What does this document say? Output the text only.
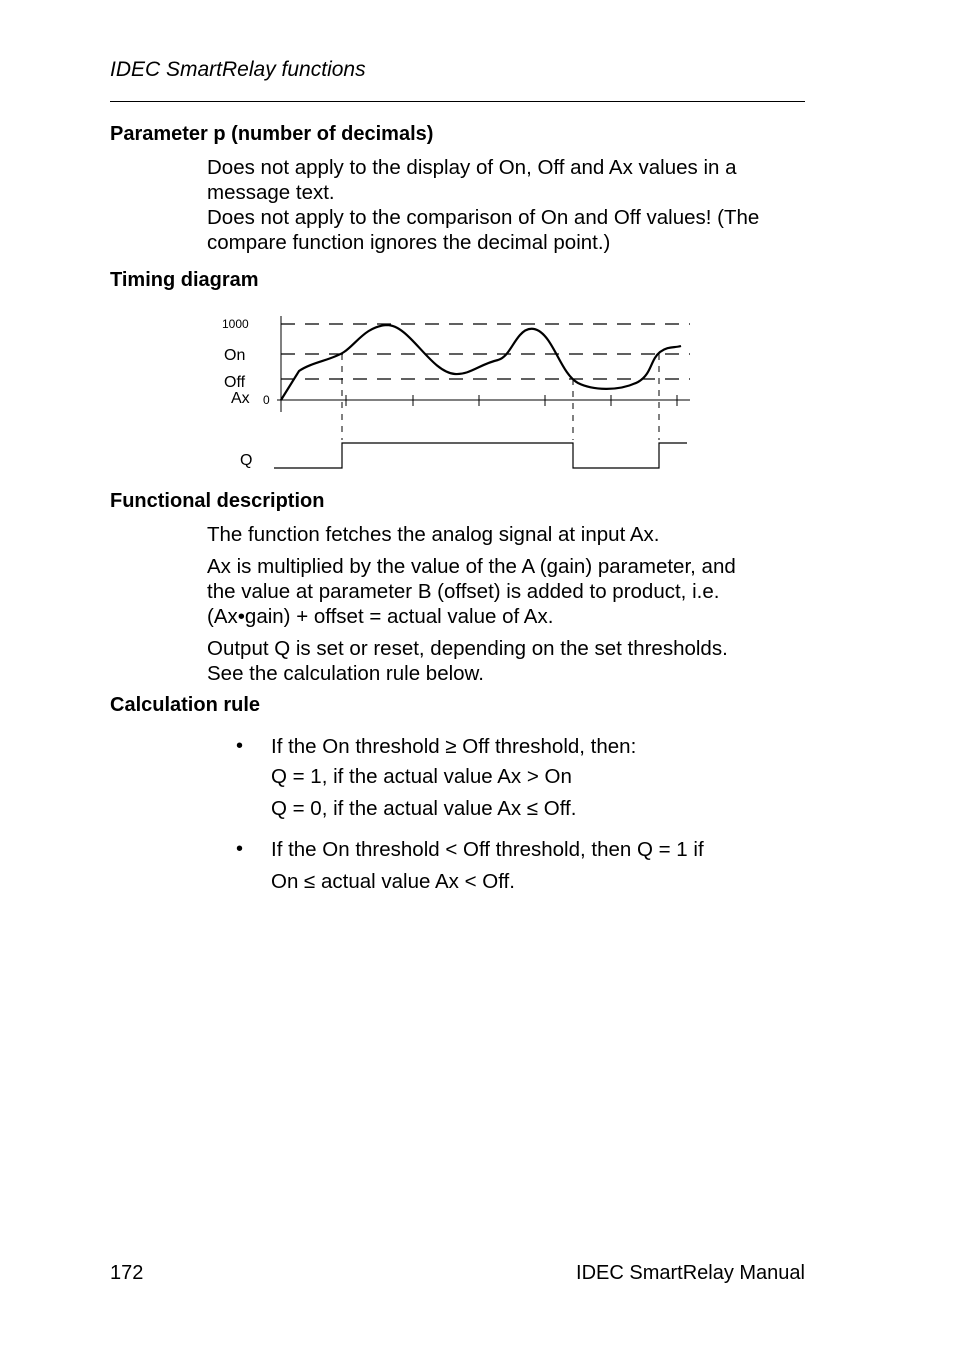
IDEC SmartRelay functions
Parameter p (number of decimals)
Does not apply to the display of On, Off and Ax values in a
message text.
Does not apply to the comparison of On and Off values! (The
compare function ignores the decimal point.)
Timing diagram
1000
On
Off
Ax 0
Q
Functional description
The function fetches the analog signal at input Ax.
Ax is multiplied by the value of the A (gain) parameter, and
the value at parameter B (offset) is added to product, i.e.
(Ax•gain) + offset = actual value of Ax.
Output Q is set or reset, depending on the set thresholds.
See the calculation rule below.
Calculation rule
• If the On threshold ≥ Off threshold, then:
Q = 1, if the actual value Ax > On
Q = 0, if the actual value Ax ≤ Off.
• If the On threshold < Off threshold, then Q = 1 if
On ≤ actual value Ax < Off.
172	IDEC SmartRelay Manual
